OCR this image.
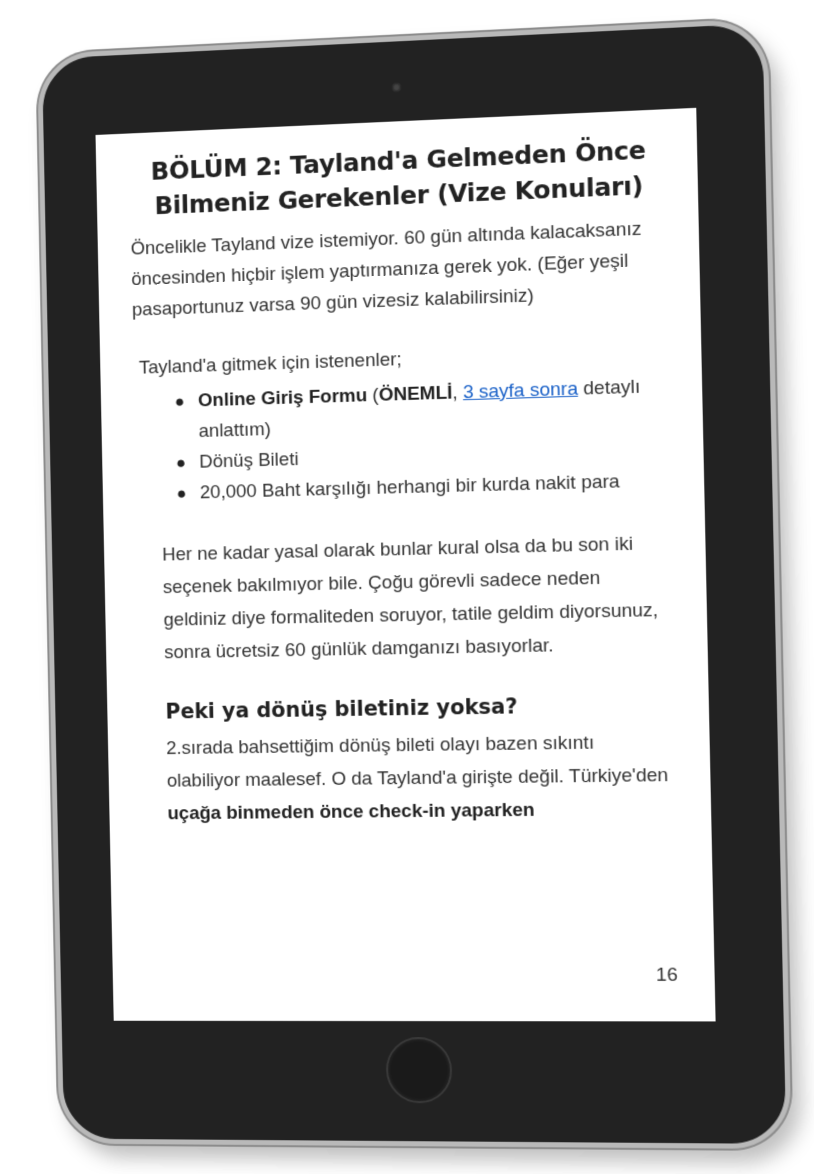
BÖLÜM 2: Tayland'a Gelmeden Önce Bilmeniz Gerekenler (Vize Konuları)

Öncelikle Tayland vize istemiyor. 60 gün altında kalacaksanız öncesinden hiçbir işlem yaptırmanıza gerek yok. (Eğer yeşil pasaportunuz varsa 90 gün vizesiz kalabilirsiniz)

Tayland'a gitmek için istenenler;

● Online Giriş Formu (ÖNEMLİ, 3 sayfa sonra detaylı anlattım)
● Dönüş Bileti
● 20,000 Baht karşılığı herhangi bir kurda nakit para

Her ne kadar yasal olarak bunlar kural olsa da bu son iki seçenek bakılmıyor bile. Çoğu görevli sadece neden geldiniz diye formaliteden soruyor, tatile geldim diyorsunuz, sonra ücretsiz 60 günlük damganızı basıyorlar.

Peki ya dönüş biletiniz yoksa?

2.sırada bahsettiğim dönüş bileti olayı bazen sıkıntı olabiliyor maalesef. O da Tayland'a girişte değil. Türkiye'den uçağa binmeden önce check-in yaparken

16
